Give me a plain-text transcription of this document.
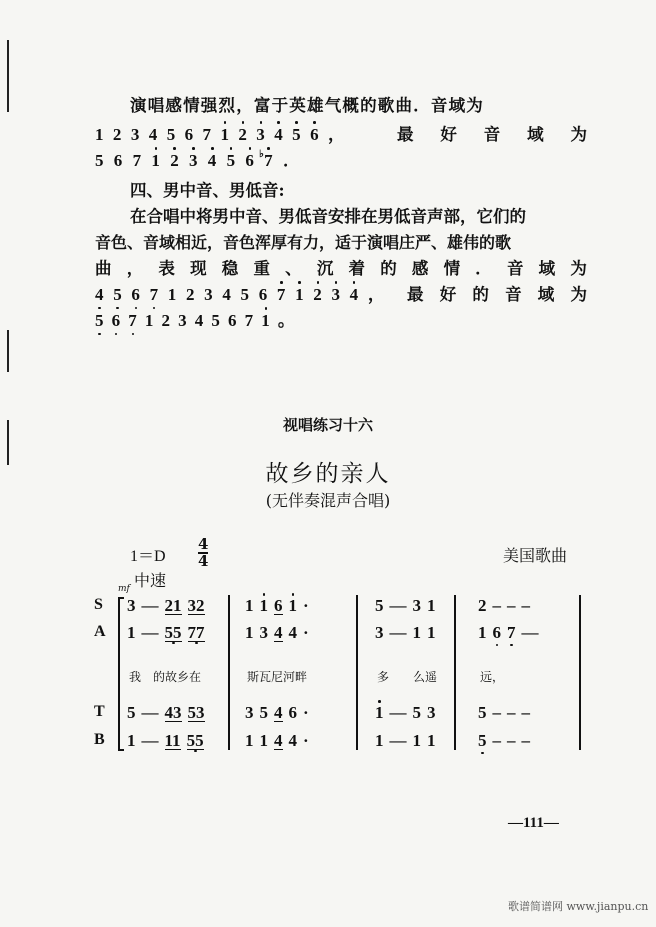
演唱感情强烈，富于英雄气概的歌曲．音域为
1 2 3 4 5 6 7 1 2 3 4 5 6 ，	最 好 音 域 为
5 6 7 1 2 3 4 5 6 7
♭ ．
四、男中音、男低音:
在合唱中将男中音、男低音安排在男低音声部，它们的
音色、音域相近，音色浑厚有力，适于演唱庄严、雄伟的歌
曲 ， 表 现 稳 重 、 沉 着 的 感 情 ． 音 域 为
4 5 6 7 1 2 3 4 5 6 7 1 2 3 4 ， 最 好 的 音 域 为
5 6 7 1 2 3 4 5 6 7 1 。
视唱练习十六
故乡的亲人
(无伴奏混声合唱)
1＝D
4
4	美国歌曲
中速
mf
S 3 — 21 32	1 1 6 1 ·	5 — 3 1	2 – – –
A 1 — 55 77	1 3 4 4 ·	3 — 1 1	1 6 7 —
T 5 — 43 53	3 5 4 6 ·	1 — 5 3	5 – – –
B 1 — 11 55	1 1 4 4 ·	1 — 1 1	5 – – –
我　的故乡在	斯瓦尼河畔	多　　么遥	远，
—111—
歌谱简谱网 www.jianpu.cn
